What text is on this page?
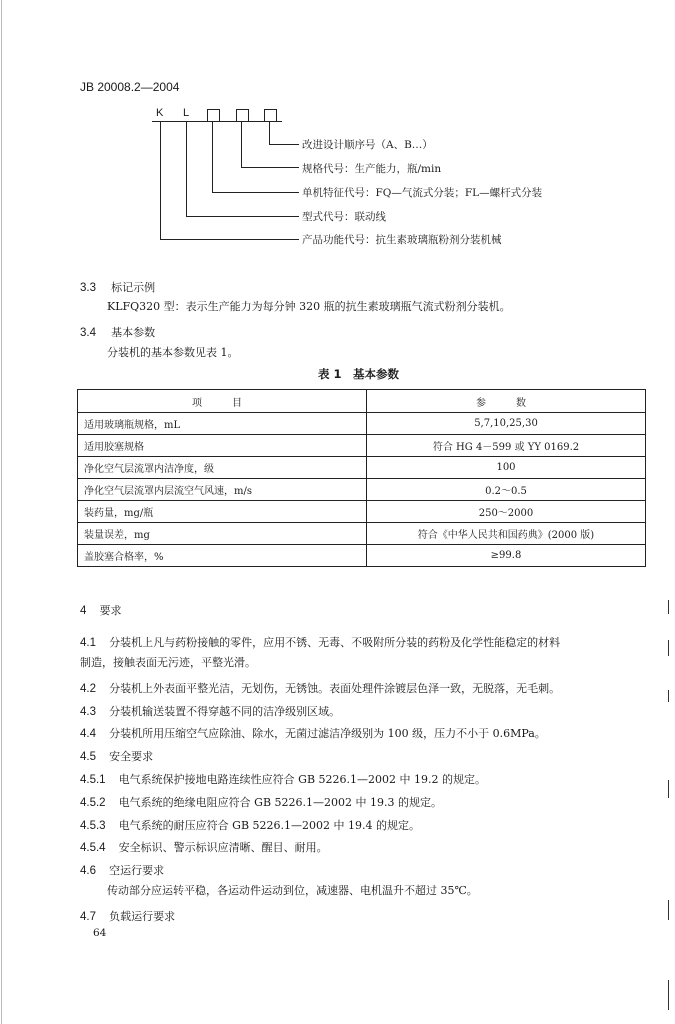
JB 20008.2—2004
K L
改进设计顺序号（A、B…）
规格代号：生产能力，瓶/min
单机特征代号：FQ—气流式分装；FL—螺杆式分装
型式代号：联动线
产品功能代号：抗生素玻璃瓶粉剂分装机械
3.3 标记示例
KLFQ320 型：表示生产能力为每分钟 320 瓶的抗生素玻璃瓶气流式粉剂分装机。
3.4 基本参数
分装机的基本参数见表 1。
表 1　基本参数
项　目	参　数
适用玻璃瓶规格，mL	5,7,10,25,30
适用胶塞规格	符合 HG 4－599 或 YY 0169.2
净化空气层流罩内洁净度，级	100
净化空气层流罩内层流空气风速，m/s	0.2～0.5
装药量，mg/瓶	250～2000
装量误差，mg	符合《中华人民共和国药典》(2000 版)
盖胶塞合格率，%	≥99.8
4 要求
4.1 分装机上凡与药粉接触的零件，应用不锈、无毒、不吸附所分装的药粉及化学性能稳定的材料
制造，接触表面无污迹，平整光滑。
4.2 分装机上外表面平整光洁，无划伤，无锈蚀。表面处理件涂镀层色泽一致，无脱落，无毛刺。
4.3 分装机输送装置不得穿越不同的洁净级别区域。
4.4 分装机所用压缩空气应除油、除水，无菌过滤洁净级别为 100 级，压力不小于 0.6MPa。
4.5 安全要求
4.5.1 电气系统保护接地电路连续性应符合 GB 5226.1—2002 中 19.2 的规定。
4.5.2 电气系统的绝缘电阻应符合 GB 5226.1—2002 中 19.3 的规定。
4.5.3 电气系统的耐压应符合 GB 5226.1—2002 中 19.4 的规定。
4.5.4 安全标识、警示标识应清晰、醒目、耐用。
4.6 空运行要求
传动部分应运转平稳，各运动件运动到位，减速器、电机温升不超过 35℃。
4.7 负载运行要求
64
